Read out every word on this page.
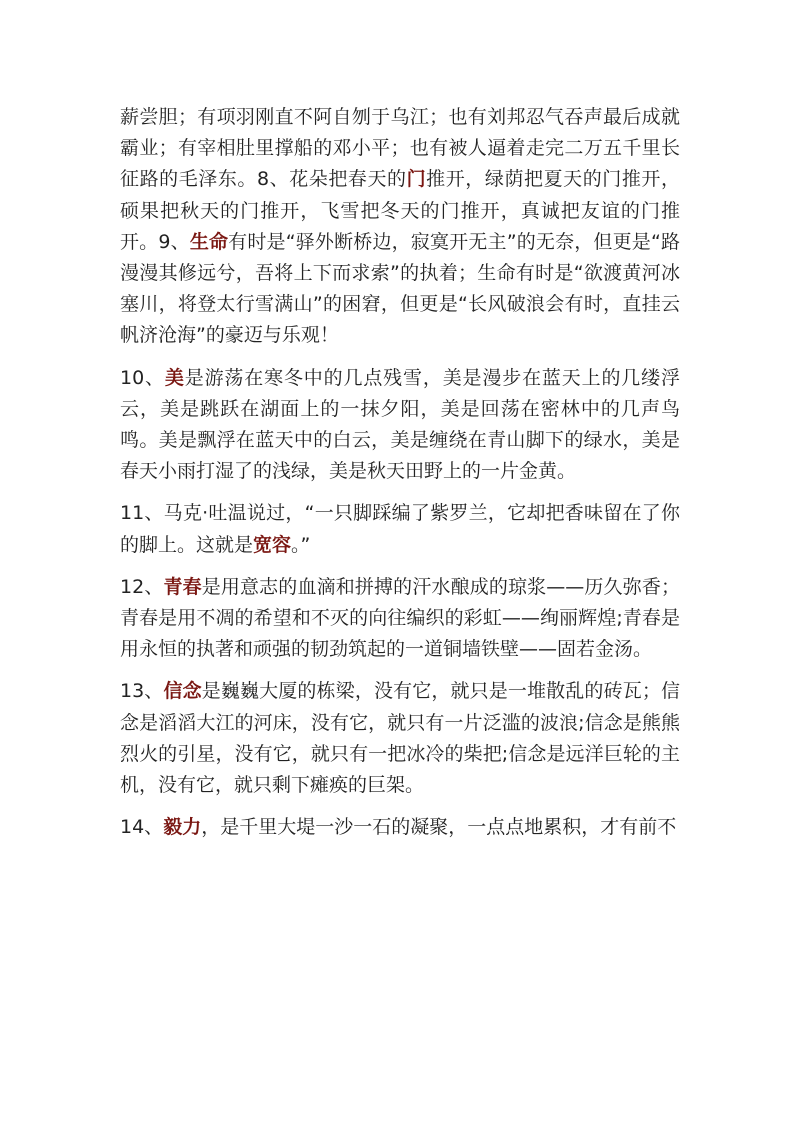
薪尝胆；有项羽刚直不阿自刎于乌江；也有刘邦忍气吞声最后成就霸业；有宰相肚里撑船的邓小平；也有被人逼着走完二万五千里长征路的毛泽东。8、花朵把春天的门推开，绿荫把夏天的门推开，硕果把秋天的门推开，飞雪把冬天的门推开，真诚把友谊的门推开。9、生命有时是“驿外断桥边，寂寞开无主”的无奈，但更是“路漫漫其修远兮，吾将上下而求索”的执着；生命有时是“欲渡黄河冰塞川，将登太行雪满山”的困窘，但更是“长风破浪会有时，直挂云帆济沧海”的豪迈与乐观！

10、美是游荡在寒冬中的几点残雪，美是漫步在蓝天上的几缕浮云，美是跳跃在湖面上的一抹夕阳，美是回荡在密林中的几声鸟鸣。美是飘浮在蓝天中的白云，美是缠绕在青山脚下的绿水，美是春天小雨打湿了的浅绿，美是秋天田野上的一片金黄。

11、马克·吐温说过，“一只脚踩编了紫罗兰，它却把香味留在了你的脚上。这就是宽容。”

12、青春是用意志的血滴和拼搏的汗水酿成的琼浆——历久弥香；青春是用不凋的希望和不灭的向往编织的彩虹——绚丽辉煌;青春是用永恒的执著和顽强的韧劲筑起的一道铜墙铁壁——固若金汤。

13、信念是巍巍大厦的栋梁，没有它，就只是一堆散乱的砖瓦；信念是滔滔大江的河床，没有它，就只有一片泛滥的波浪;信念是熊熊烈火的引星，没有它，就只有一把冰冷的柴把;信念是远洋巨轮的主机，没有它，就只剩下瘫痪的巨架。

14、毅力，是千里大堤一沙一石的凝聚，一点点地累积，才有前不
